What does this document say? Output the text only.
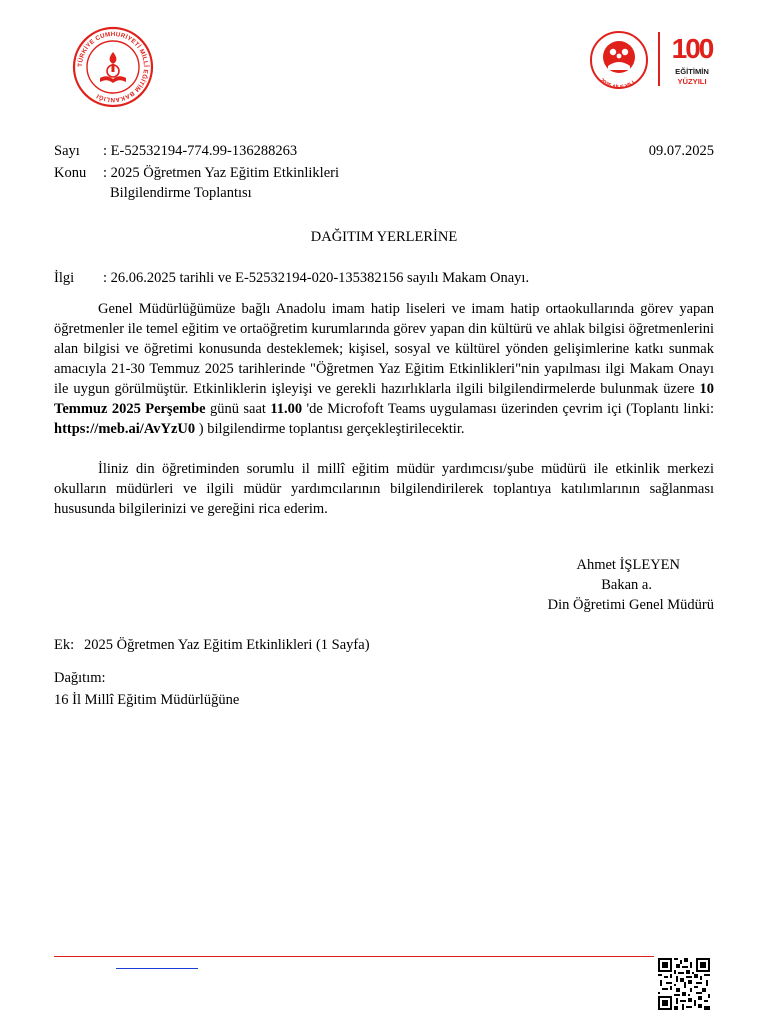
TÜRKİYE CUMHURİYETİ MİLLÎ EĞİTİM BAKANLIĞI
2025 AİLE YILI
100
EĞİTİMİN
YÜZYILI
Sayı : E-52532194-774.99-136288263	09.07.2025
Konu : 2025 Öğretmen Yaz Eğitim Etkinlikleri
Bilgilendirme Toplantısı
DAĞITIM YERLERİNE
İlgi : 26.06.2025 tarihli ve E-52532194-020-135382156 sayılı Makam Onayı.
Genel Müdürlüğümüze bağlı Anadolu imam hatip liseleri ve imam hatip ortaokullarında görev yapan öğretmenler ile temel eğitim ve ortaöğretim kurumlarında görev yapan din kültürü ve ahlak bilgisi öğretmenlerini alan bilgisi ve öğretimi konusunda desteklemek; kişisel, sosyal ve kültürel yönden gelişimlerine katkı sunmak amacıyla 21-30 Temmuz 2025 tarihlerinde "Öğretmen Yaz Eğitim Etkinlikleri"nin yapılması ilgi Makam Onayı ile uygun görülmüştür. Etkinliklerin işleyişi ve gerekli hazırlıklarla ilgili bilgilendirmelerde bulunmak üzere 10 Temmuz 2025 Perşembe günü saat 11.00 'de Microfoft Teams uygulaması üzerinden çevrim içi (Toplantı linki: https://meb.ai/AvYzU0 ) bilgilendirme toplantısı gerçekleştirilecektir.
İliniz din öğretiminden sorumlu il millî eğitim müdür yardımcısı/şube müdürü ile etkinlik merkezi okulların müdürleri ve ilgili müdür yardımcılarının bilgilendirilerek toplantıya katılımlarının sağlanması hususunda bilgilerinizi ve gereğini rica ederim.
Ahmet İŞLEYEN
Bakan a.
Din Öğretimi Genel Müdürü
Ek: 2025 Öğretmen Yaz Eğitim Etkinlikleri (1 Sayfa)
Dağıtım:
16 İl Millî Eğitim Müdürlüğüne
